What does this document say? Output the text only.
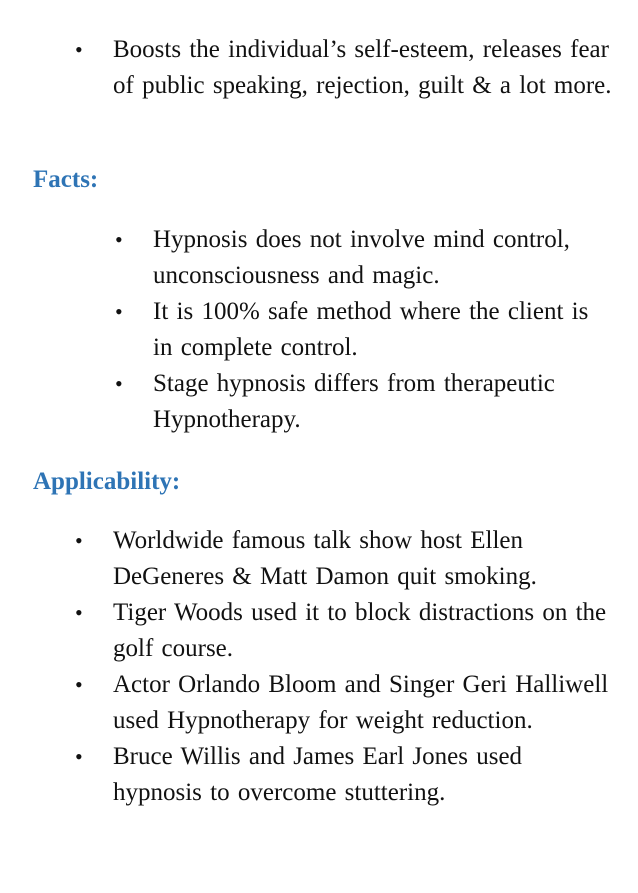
• Boosts the individual’s self-esteem, releases fear of public speaking, rejection, guilt & a lot more.
Facts:
• Hypnosis does not involve mind control, unconsciousness and magic.
• It is 100% safe method where the client is in complete control.
• Stage hypnosis differs from therapeutic Hypnotherapy.
Applicability:
• Worldwide famous talk show host Ellen DeGeneres & Matt Damon quit smoking.
• Tiger Woods used it to block distractions on the golf course.
• Actor Orlando Bloom and Singer Geri Halliwell used Hypnotherapy for weight reduction.
• Bruce Willis and James Earl Jones used hypnosis to overcome stuttering.
